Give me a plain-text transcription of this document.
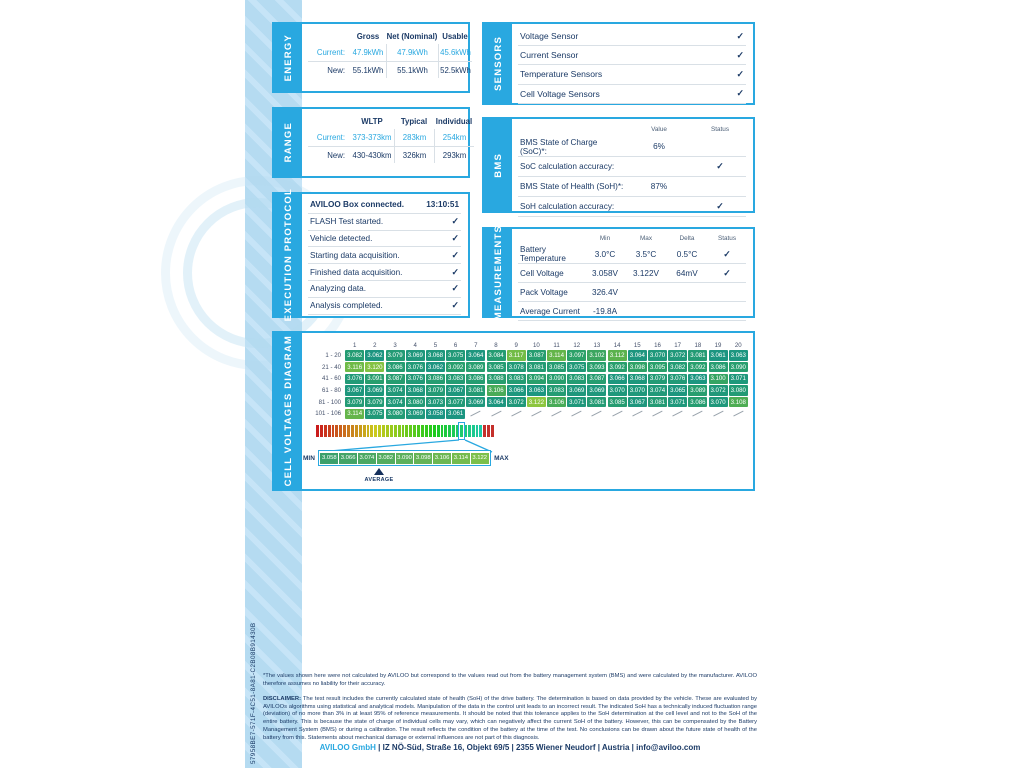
ENERGY	Gross Net (Nominal) Usable
Current: 47.9kWh	47.9kWh	45.6kWh
New: 55.1kWh	55.1kWh	52.5kWh
RANGE
WLTP	Typical	Individual
Current: 373-373km	283km	254km
New: 430-430km	326km	293km
EXECUTION PROTOCOL AVILOO Box connected.	13:10:51
FLASH Test started.	✓
Vehicle detected.	✓
Starting data acquisition.	✓
Finished data acquisition.	✓
Analyzing data.	✓
Analysis completed.	✓
SENSORS Voltage Sensor	✓
Current Sensor	✓
Temperature Sensors	✓
Cell Voltage Sensors	✓
BMS
Value	Status
BMS State of Charge (SoC)*:	6%
SoC calculation accuracy:	✓
BMS State of Health (SoH)*:	87%
SoH calculation accuracy:	✓
MEASUREMENTS	Min	Max	Delta	Status
Battery Temperature	3.0°C	3.5°C	0.5°C	✓
Cell Voltage	3.058V	3.122V	64mV	✓
Pack Voltage	326.4V
Average Current	-19.8A
CELL VOLTAGES DIAGRAM	1	2	3	4	5	6	7	8	9	10	11	12	13	14	15	16	17	18	19	20
1 - 20 3.082 3.062 3.079 3.069 3.068 3.075 3.064 3.084 3.117 3.087 3.114 3.097 3.102 3.112 3.064 3.070 3.072 3.081 3.061 3.063
21 - 40	3.116 3.120 3.086 3.076 3.062 3.092 3.089 3.085 3.078 3.081 3.085 3.075 3.093 3.092 3.098 3.095 3.082 3.092 3.086 3.090
41 - 60 3.076 3.091 3.087 3.076 3.086 3.083 3.086 3.088 3.083 3.094 3.090 3.083 3.087 3.066 3.068 3.079 3.076 3.063 3.100 3.071
61 - 80 3.067 3.069 3.074 3.068 3.079 3.067 3.081 3.106 3.066 3.063 3.083 3.069 3.069 3.070 3.070 3.074 3.065 3.089 3.072 3.080
81 - 100 3.079 3.079 3.074 3.080 3.073 3.077 3.069 3.064 3.072 3.122 3.106 3.071 3.081 3.085 3.067 3.081 3.071 3.086 3.070 3.108
101 - 106	3.114 3.075 3.080 3.069 3.058 3.061
MIN 3.058 3.066 3.074 3.082 3.090 3.098 3.106 3.114 3.122 MAX
AVERAGE
57958BE7-571F-4C51-8A81-C2B08B91430B	*The values shown here were not calculated by AVILOO but correspond to the values read out from the battery management system (BMS) and were calculated by the manufacturer. AVILOO therefore assumes no liability for their accuracy.
DISCLAIMER: The test result includes the currently calculated state of health (SoH) of the drive battery. The determination is based on data provided by the vehicle. These are evaluated by AVILOOs algorithms using statistical and analytical models. Manipulation of the data in the control unit leads to an incorrect result. The indicated SoH has a technically induced fluctuation range (deviation) of no more than 3% in at least 95% of reference measurements. It should be noted that this tolerance applies to the SoH determination at the cell level and not to the SoH of the entire battery. This is because the state of charge of individual cells may vary, which can negatively affect the current SoH of the battery. However, this can be compensated by the Battery Management System (BMS) or during a calibration. The result reflects the condition of the battery at the time of the test. No conclusions can be drawn about the future state of health of the battery from this. Statements about mechanical damage or external influences are not part of this diagnosis.
AVILOO GmbH | IZ NÖ-Süd, Straße 16, Objekt 69/5 | 2355 Wiener Neudorf | Austria | info@aviloo.com
